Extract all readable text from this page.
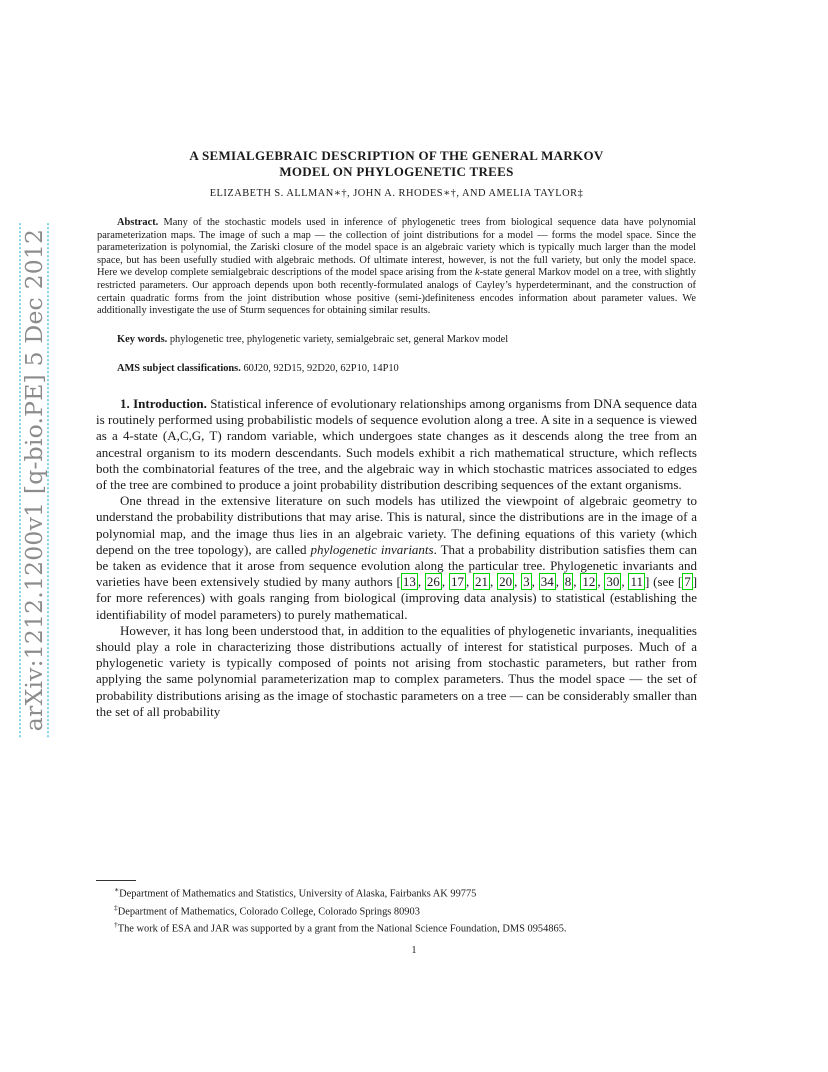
arXiv:1212.1200v1 [q-bio.PE] 5 Dec 2012
A SEMIALGEBRAIC DESCRIPTION OF THE GENERAL MARKOV
MODEL ON PHYLOGENETIC TREES
ELIZABETH S. ALLMAN∗†, JOHN A. RHODES∗†, AND AMELIA TAYLOR‡
Abstract. Many of the stochastic models used in inference of phylogenetic trees from biological sequence data have polynomial parameterization maps. The image of such a map — the collection of joint distributions for a model — forms the model space. Since the parameterization is polynomial, the Zariski closure of the model space is an algebraic variety which is typically much larger than the model space, but has been usefully studied with algebraic methods. Of ultimate interest, however, is not the full variety, but only the model space. Here we develop complete semialgebraic descriptions of the model space arising from the k-state general Markov model on a tree, with slightly restricted parameters. Our approach depends upon both recently-formulated analogs of Cayley’s hyperdeterminant, and the construction of certain quadratic forms from the joint distribution whose positive (semi-)definiteness encodes information about parameter values. We additionally investigate the use of Sturm sequences for obtaining similar results.
Key words. phylogenetic tree, phylogenetic variety, semialgebraic set, general Markov model
AMS subject classifications. 60J20, 92D15, 92D20, 62P10, 14P10

1. Introduction. Statistical inference of evolutionary relationships among organisms from DNA sequence data is routinely performed using probabilistic models of sequence evolution along a tree. A site in a sequence is viewed as a 4-state (A,C,G, T) random variable, which undergoes state changes as it descends along the tree from an ancestral organism to its modern descendants. Such models exhibit a rich mathematical structure, which reflects both the combinatorial features of the tree, and the algebraic way in which stochastic matrices associated to edges of the tree are combined to produce a joint probability distribution describing sequences of the extant organisms.

One thread in the extensive literature on such models has utilized the viewpoint of algebraic geometry to understand the probability distributions that may arise. This is natural, since the distributions are in the image of a polynomial map, and the image thus lies in an algebraic variety. The defining equations of this variety (which depend on the tree topology), are called phylogenetic invariants. That a probability distribution satisfies them can be taken as evidence that it arose from sequence evolution along the particular tree. Phylogenetic invariants and varieties have been extensively studied by many authors [ 13 , 26 , 17 , 21 , 20 , 3 , 34 , 8 , 12 , 30 , 11 ] (see [ 7 ] for more references) with goals ranging from biological (improving data analysis) to statistical (establishing the identifiability of model parameters) to purely mathematical.

However, it has long been understood that, in addition to the equalities of phylogenetic invariants, inequalities should play a role in characterizing those distributions actually of interest for statistical purposes. Much of a phylogenetic variety is typically composed of points not arising from stochastic parameters, but rather from applying the same polynomial parameterization map to complex parameters. Thus the model space — the set of probability distributions arising as the image of stochastic parameters on a tree — can be considerably smaller than the set of all probability

∗Department of Mathematics and Statistics, University of Alaska, Fairbanks AK 99775
‡Department of Mathematics, Colorado College, Colorado Springs 80903
†The work of ESA and JAR was supported by a grant from the National Science Foundation, DMS 0954865.
1
